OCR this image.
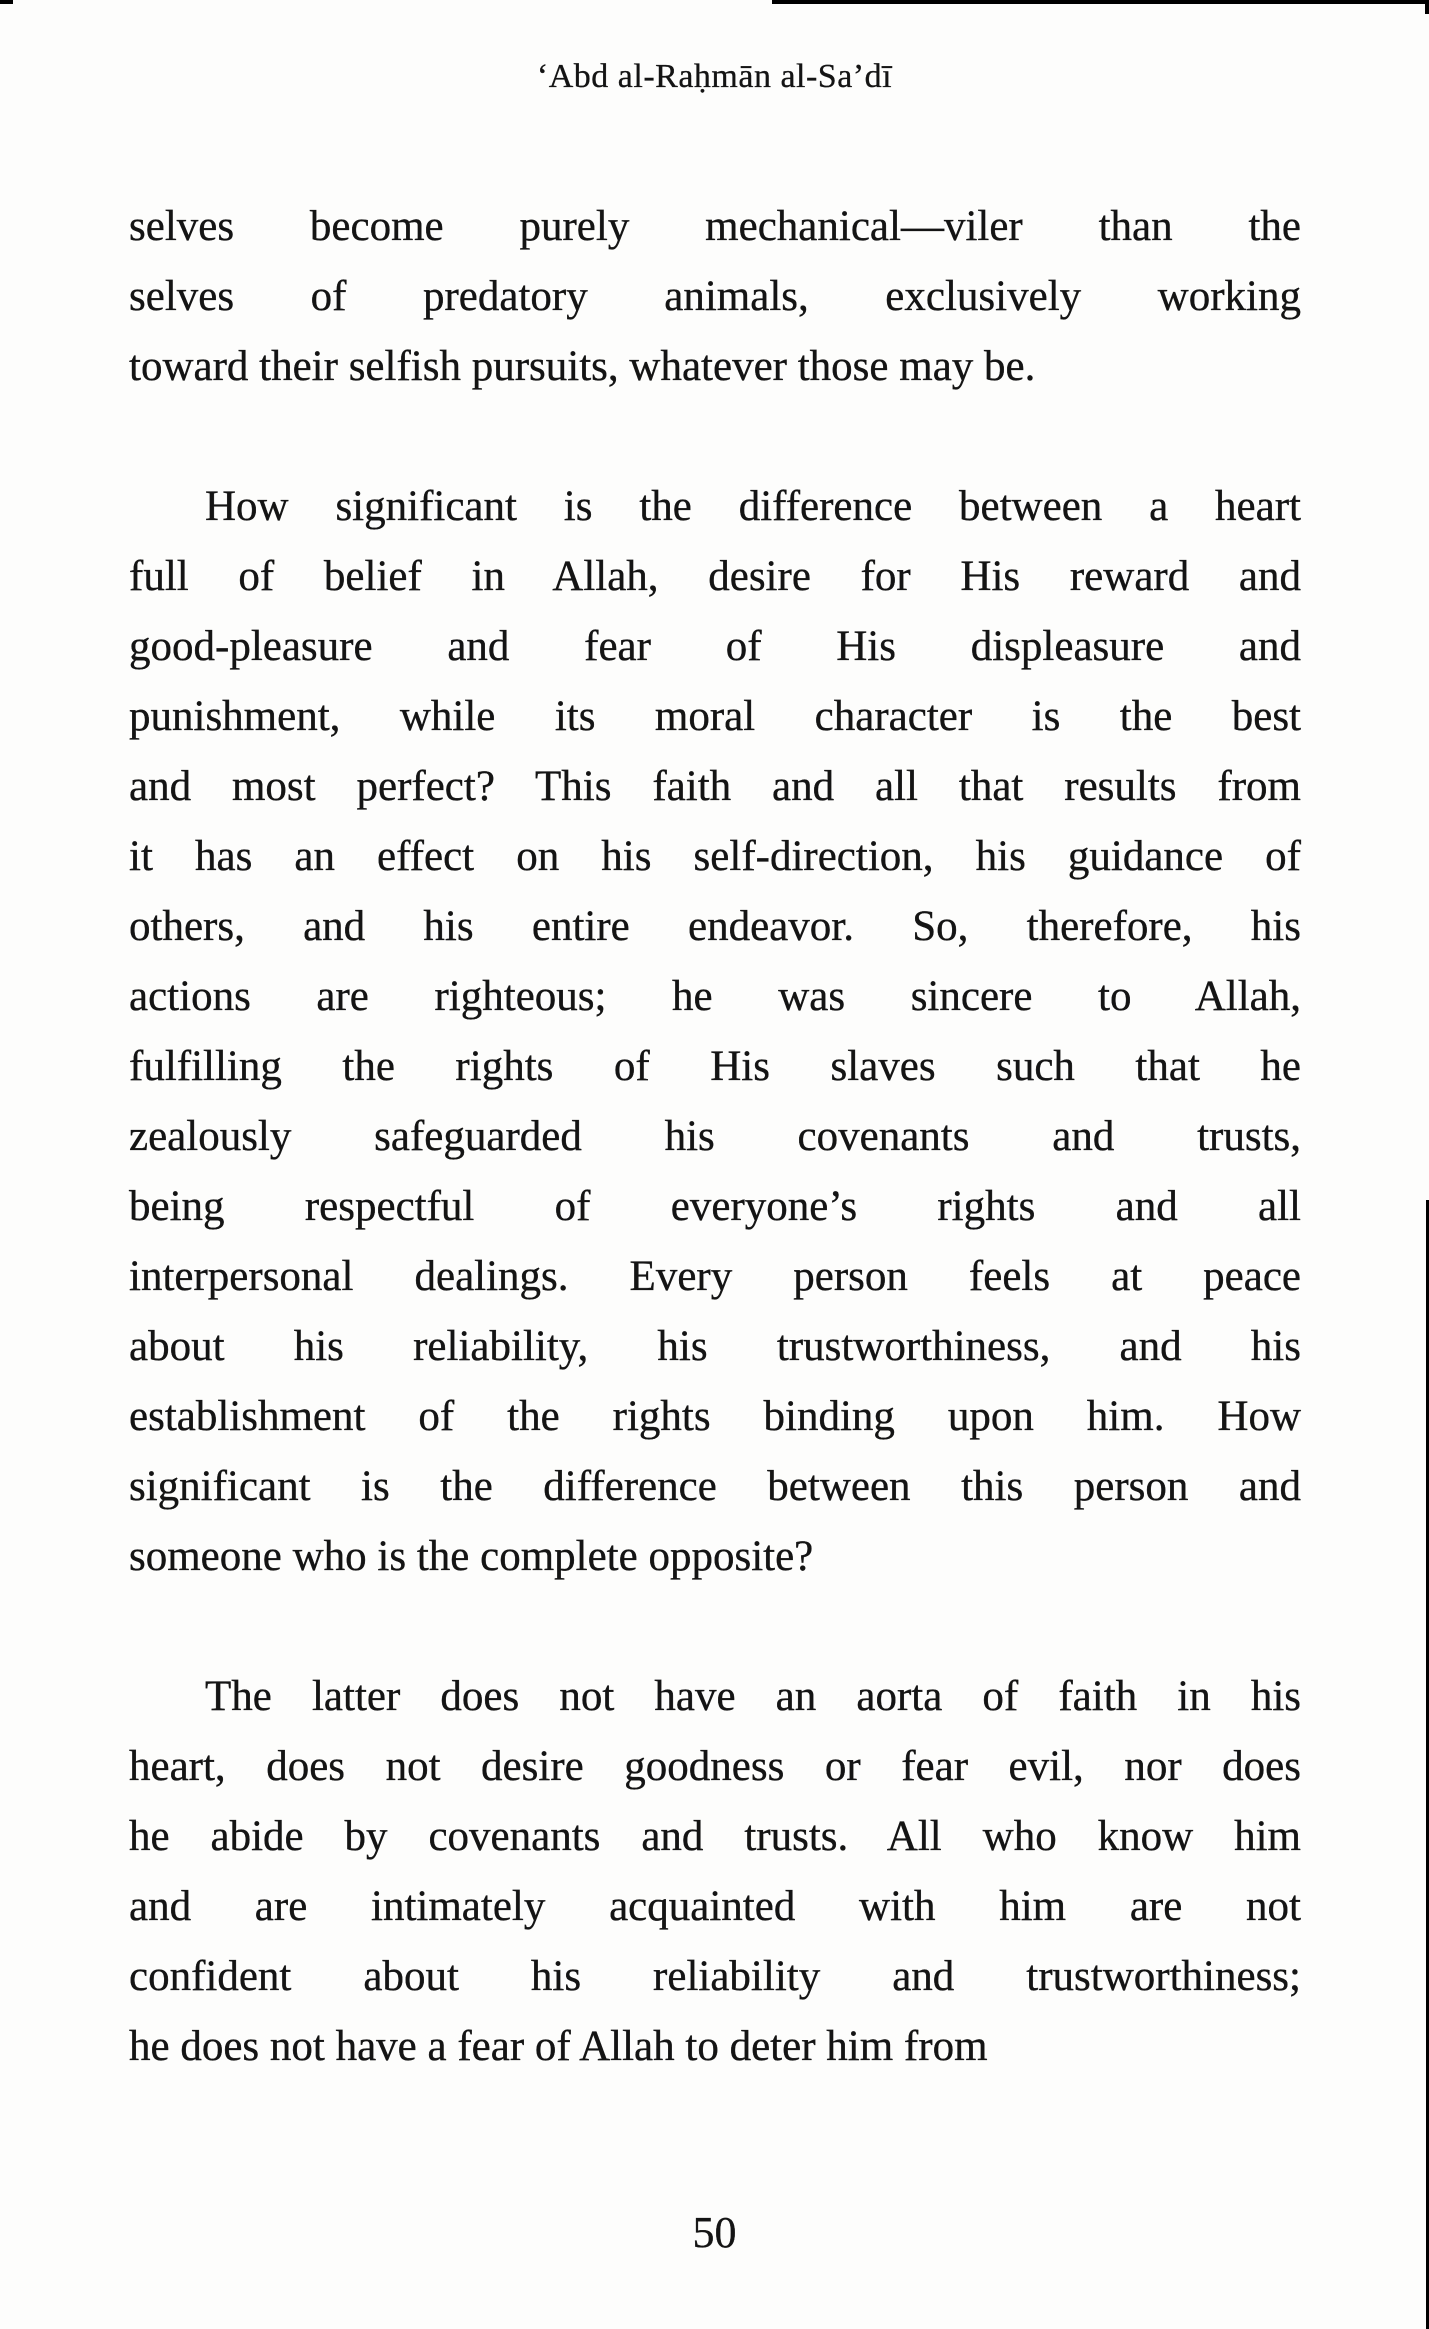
‘Abd al-Raḥmān al-Sa’dī
selves become purely mechanical—viler than the
selves of predatory animals, exclusively working
toward their selfish pursuits, whatever those may be.
How significant is the difference between a heart
full of belief in Allah, desire for His reward and
good-pleasure and fear of His displeasure and
punishment, while its moral character is the best
and most perfect? This faith and all that results from
it has an effect on his self-direction, his guidance of
others, and his entire endeavor. So, therefore, his
actions are righteous; he was sincere to Allah,
fulfilling the rights of His slaves such that he
zealously safeguarded his covenants and trusts,
being respectful of everyone’s rights and all
interpersonal dealings. Every person feels at peace
about his reliability, his trustworthiness, and his
establishment of the rights binding upon him. How
significant is the difference between this person and
someone who is the complete opposite?
The latter does not have an aorta of faith in his
heart, does not desire goodness or fear evil, nor does
he abide by covenants and trusts. All who know him
and are intimately acquainted with him are not
confident about his reliability and trustworthiness;
he does not have a fear of Allah to deter him from
50
